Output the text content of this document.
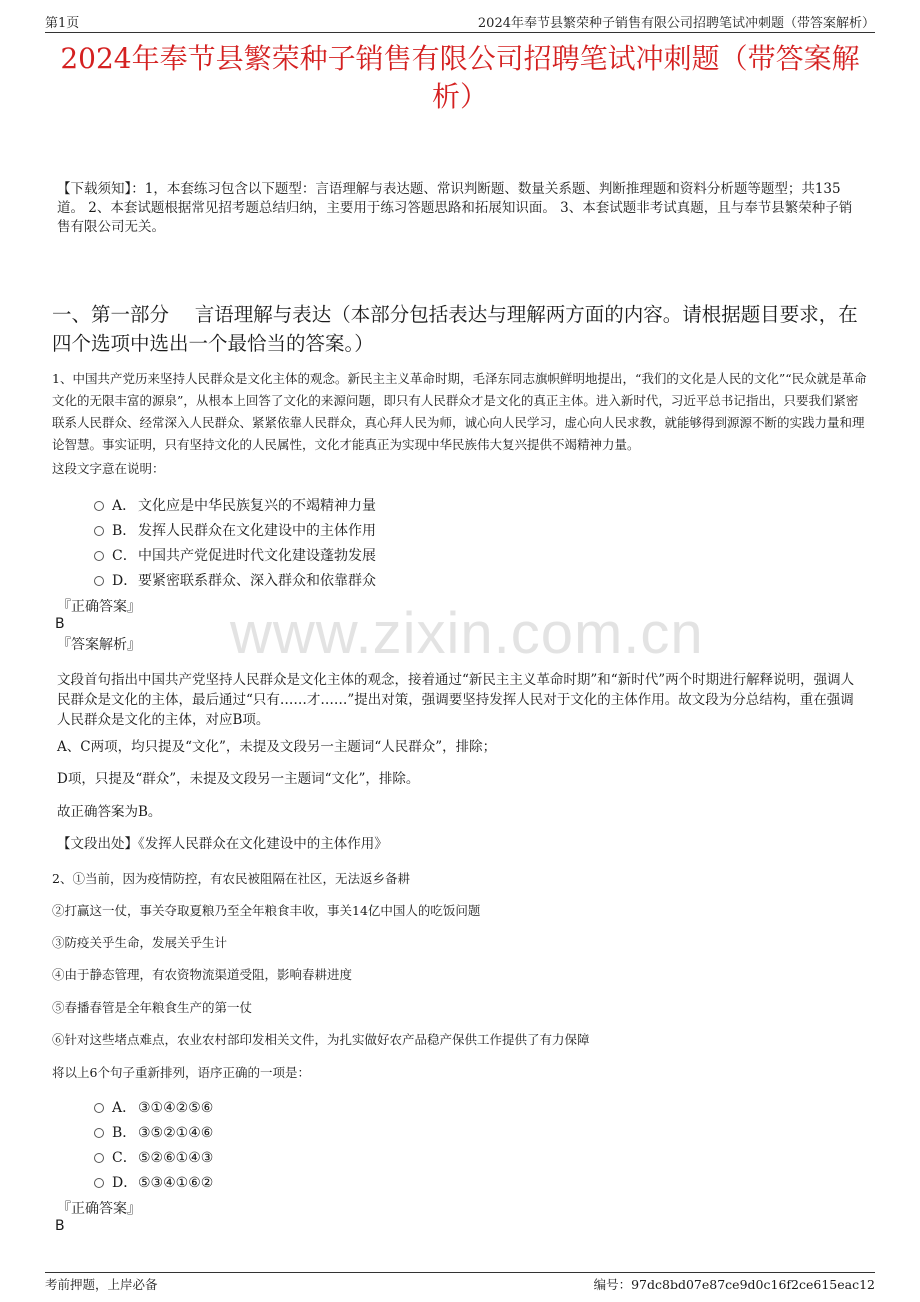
第1页	2024年奉节县繁荣种子销售有限公司招聘笔试冲刺题（带答案解析）
2024年奉节县繁荣种子销售有限公司招聘笔试冲刺题（带答案解析）
【下载须知】：1，本套练习包含以下题型：言语理解与表达题、常识判断题、数量关系题、判断推理题和资料分析题等题型；共135道。 2、本套试题根据常见招考题总结归纳，主要用于练习答题思路和拓展知识面。 3、本套试题非考试真题，且与奉节县繁荣种子销售有限公司无关。
一、第一部分　 言语理解与表达（本部分包括表达与理解两方面的内容。请根据题目要求，在四个选项中选出一个最恰当的答案。）
www.zixin.com.cn
1、中国共产党历来坚持人民群众是文化主体的观念。新民主主义革命时期，毛泽东同志旗帜鲜明地提出，“我们的文化是人民的文化”“民众就是革命文化的无限丰富的源泉”，从根本上回答了文化的来源问题，即只有人民群众才是文化的真正主体。进入新时代，习近平总书记指出，只要我们紧密联系人民群众、经常深入人民群众、紧紧依靠人民群众，真心拜人民为师，诚心向人民学习，虚心向人民求教，就能够得到源源不断的实践力量和理论智慧。事实证明，只有坚持文化的人民属性，文化才能真正为实现中华民族伟大复兴提供不竭精神力量。
这段文字意在说明：
A． 文化应是中华民族复兴的不竭精神力量
B． 发挥人民群众在文化建设中的主体作用
C．中国共产党促进时代文化建设蓬勃发展
D．要紧密联系群众、深入群众和依靠群众
『正确答案』
B
『答案解析』
文段首句指出中国共产党坚持人民群众是文化主体的观念，接着通过“新民主主义革命时期”和“新时代”两个时期进行解释说明，强调人民群众是文化的主体，最后通过“只有……才……”提出对策，强调要坚持发挥人民对于文化的主体作用。故文段为分总结构，重在强调人民群众是文化的主体，对应B项。
A、C两项，均只提及“文化”，未提及文段另一主题词“人民群众”，排除；
D项，只提及“群众”，未提及文段另一主题词“文化”，排除。
故正确答案为B。
【文段出处】《发挥人民群众在文化建设中的主体作用》
2、①当前，因为疫情防控，有农民被阻隔在社区，无法返乡备耕
②打赢这一仗，事关夺取夏粮乃至全年粮食丰收，事关14亿中国人的吃饭问题
③防疫关乎生命，发展关乎生计
④由于静态管理，有农资物流渠道受阻，影响春耕进度
⑤春播春管是全年粮食生产的第一仗
⑥针对这些堵点难点，农业农村部印发相关文件，为扎实做好农产品稳产保供工作提供了有力保障
将以上6个句子重新排列，语序正确的一项是：
A． ③①④②⑤⑥
B． ③⑤②①④⑥
C．⑤②⑥①④③
D．⑤③④①⑥②
『正确答案』
B
考前押题，上岸必备	编号：97dc8bd07e87ce9d0c16f2ce615eac12
